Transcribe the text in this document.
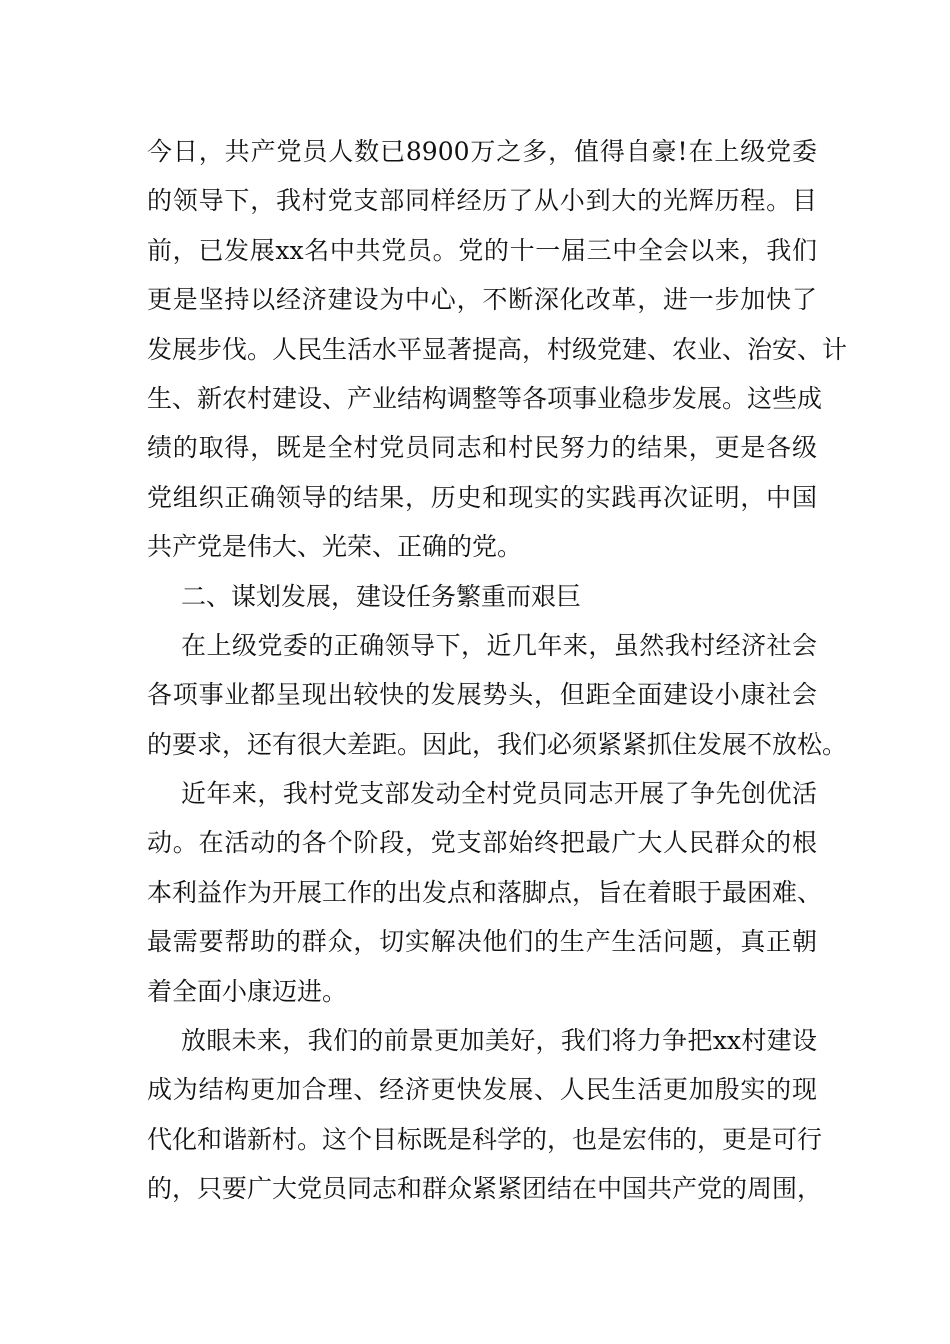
今日，共产党员人数已8900万之多，值得自豪!在上级党委
的领导下，我村党支部同样经历了从小到大的光辉历程。目
前，已发展xx名中共党员。党的十一届三中全会以来，我们
更是坚持以经济建设为中心，不断深化改革，进一步加快了
发展步伐。人民生活水平显著提高，村级党建、农业、治安、计
生、新农村建设、产业结构调整等各项事业稳步发展。这些成
绩的取得，既是全村党员同志和村民努力的结果，更是各级
党组织正确领导的结果，历史和现实的实践再次证明，中国
共产党是伟大、光荣、正确的党。
二、谋划发展，建设任务繁重而艰巨
在上级党委的正确领导下，近几年来，虽然我村经济社会
各项事业都呈现出较快的发展势头，但距全面建设小康社会
的要求，还有很大差距。因此，我们必须紧紧抓住发展不放松。
近年来，我村党支部发动全村党员同志开展了争先创优活
动。在活动的各个阶段，党支部始终把最广大人民群众的根
本利益作为开展工作的出发点和落脚点，旨在着眼于最困难、
最需要帮助的群众，切实解决他们的生产生活问题，真正朝
着全面小康迈进。
放眼未来，我们的前景更加美好，我们将力争把xx村建设
成为结构更加合理、经济更快发展、人民生活更加殷实的现
代化和谐新村。这个目标既是科学的，也是宏伟的，更是可行
的，只要广大党员同志和群众紧紧团结在中国共产党的周围，
